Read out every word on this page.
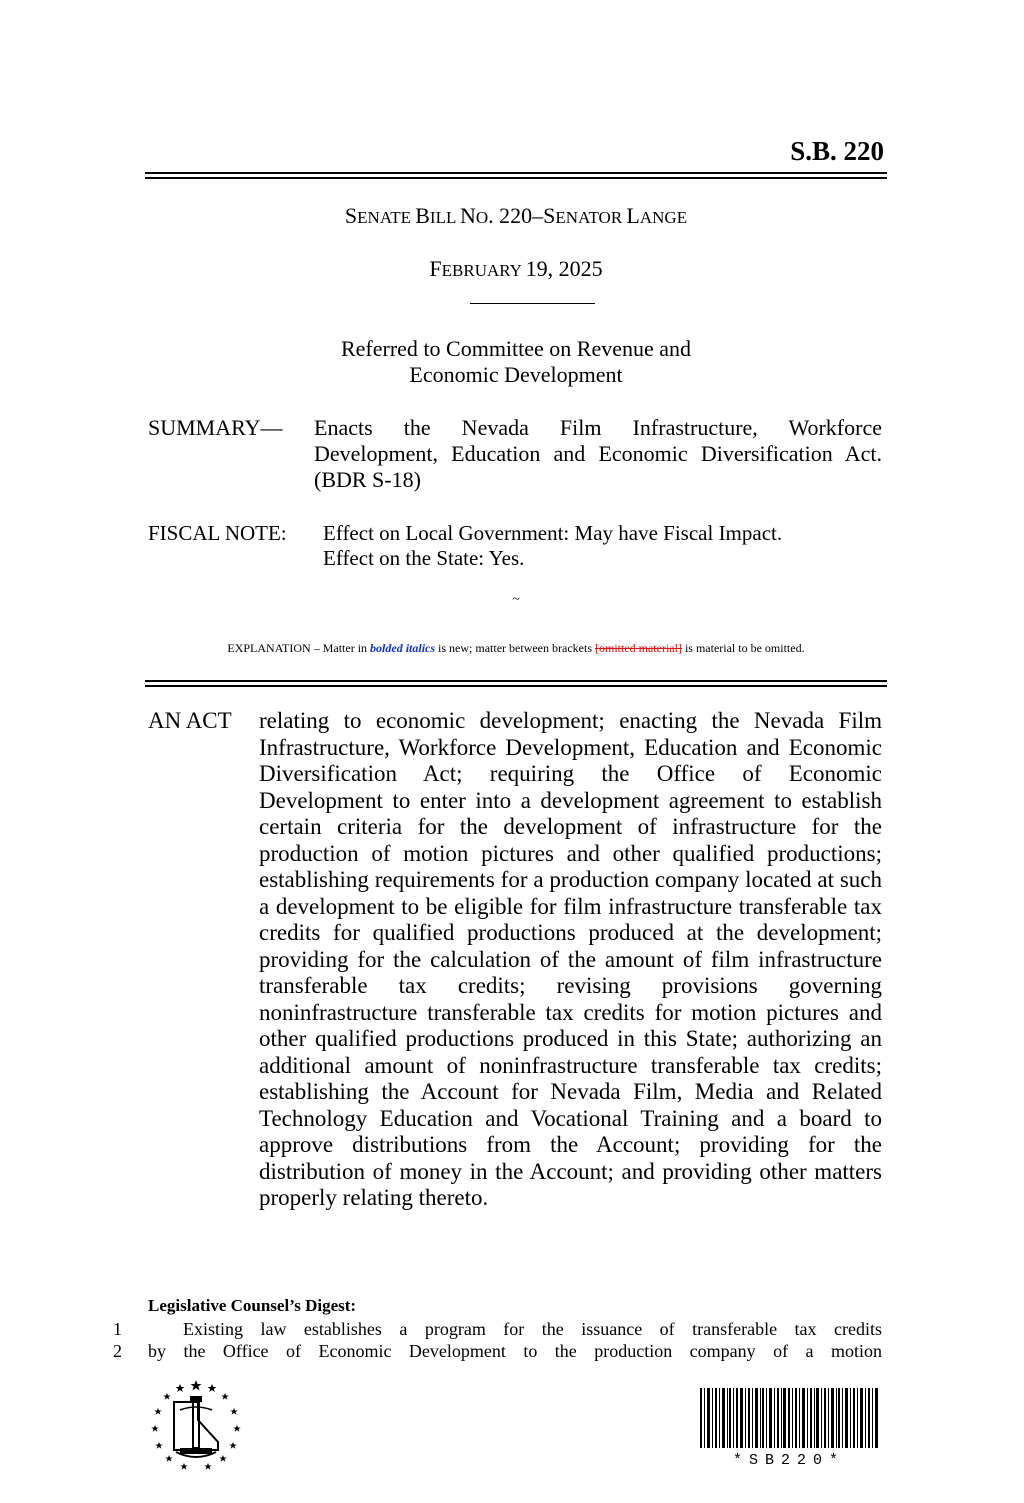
S.B. 220
SENATE BILL NO. 220–SENATOR LANGE
FEBRUARY 19, 2025
Referred to Committee on Revenue and
Economic Development
SUMMARY— Enacts the Nevada Film Infrastructure, Workforce Development, Education and Economic Diversification Act. (BDR S-18)
FISCAL NOTE: Effect on Local Government: May have Fiscal Impact.
Effect on the State: Yes.
~
EXPLANATION – Matter in bolded italics is new; matter between brackets [omitted material] is material to be omitted.
AN ACT relating to economic development; enacting the Nevada Film Infrastructure, Workforce Development, Education and Economic Diversification Act; requiring the Office of Economic Development to enter into a development agreement to establish certain criteria for the development of infrastructure for the production of motion pictures and other qualified productions; establishing requirements for a production company located at such a development to be eligible for film infrastructure transferable tax credits for qualified productions produced at the development; providing for the calculation of the amount of film infrastructure transferable tax credits; revising provisions governing noninfrastructure transferable tax credits for motion pictures and other qualified productions produced in this State; authorizing an additional amount of noninfrastructure transferable tax credits; establishing the Account for Nevada Film, Media and Related Technology Education and Vocational Training and a board to approve distributions from the Account; providing for the distribution of money in the Account; and providing other matters properly relating thereto.
Legislative Counsel’s Digest:
1	Existing law establishes a program for the issuance of transferable tax credits
2 by the Office of Economic Development to the production company of a motion
*SB220*
